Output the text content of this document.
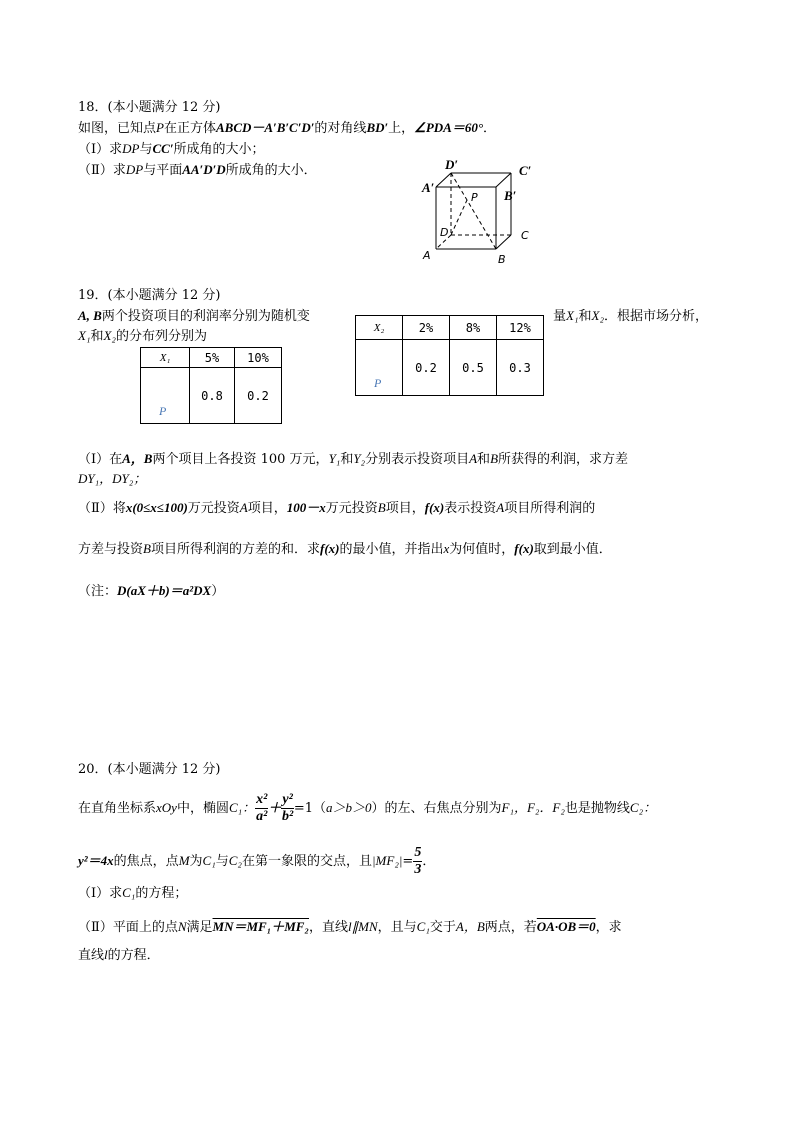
18．(本小题满分 12 分)
如图，已知点P在正方体ABCD－A′B′C′D′的对角线BD′上，∠PDA＝60°．
（Ⅰ）求DP与CC′所成角的大小；
（Ⅱ）求DP与平面AA′D′D所成角的大小．	D′	C′
A′
B′
P
D	C
A	B
19．(本小题满分 12 分)
A, B两个投资项目的利润率分别为随机变	量X₁和X₂．根据市场分析，
X₁和X₂的分布列分别为
X₁	5%	10%
P	0.8	0.2
X₂	2%	8%	12%
P	0.2	0.5	0.3
（Ⅰ）在A，B两个项目上各投资 100 万元，Y₁和Y₂分别表示投资项目A和B所获得的利润，求方差
DY₁，DY₂；
（Ⅱ）将x(0≤x≤100)万元投资A项目，100－x万元投资B项目，f(x)表示投资A项目所得利润的
方差与投资B项目所得利润的方差的和．求f(x)的最小值，并指出x为何值时，f(x)取到最小值．
（注：D(aX＋b)＝a²DX）
20．(本小题满分 12 分)
在直角坐标系xOy中，椭圆C₁： $\frac{\text{x²}}{\text{a²}} + \frac{\text{y²}}{\text{b²}} =1(a>b>0)$的左、右焦点分别为F₁，F₂．F₂也是抛物线C₂：
y²＝4x的焦点，点M为C₁与C₂在第一象限的交点，且$|MF_2|= \frac{5}{3}$ ．
（Ⅰ）求C₁的方程；
（Ⅱ）平面上的点N满足MN＝MF₁＋MF₂，直线l∥MN，且与C₁交于A，B两点，若OA·OB＝0，求
直线l的方程．
